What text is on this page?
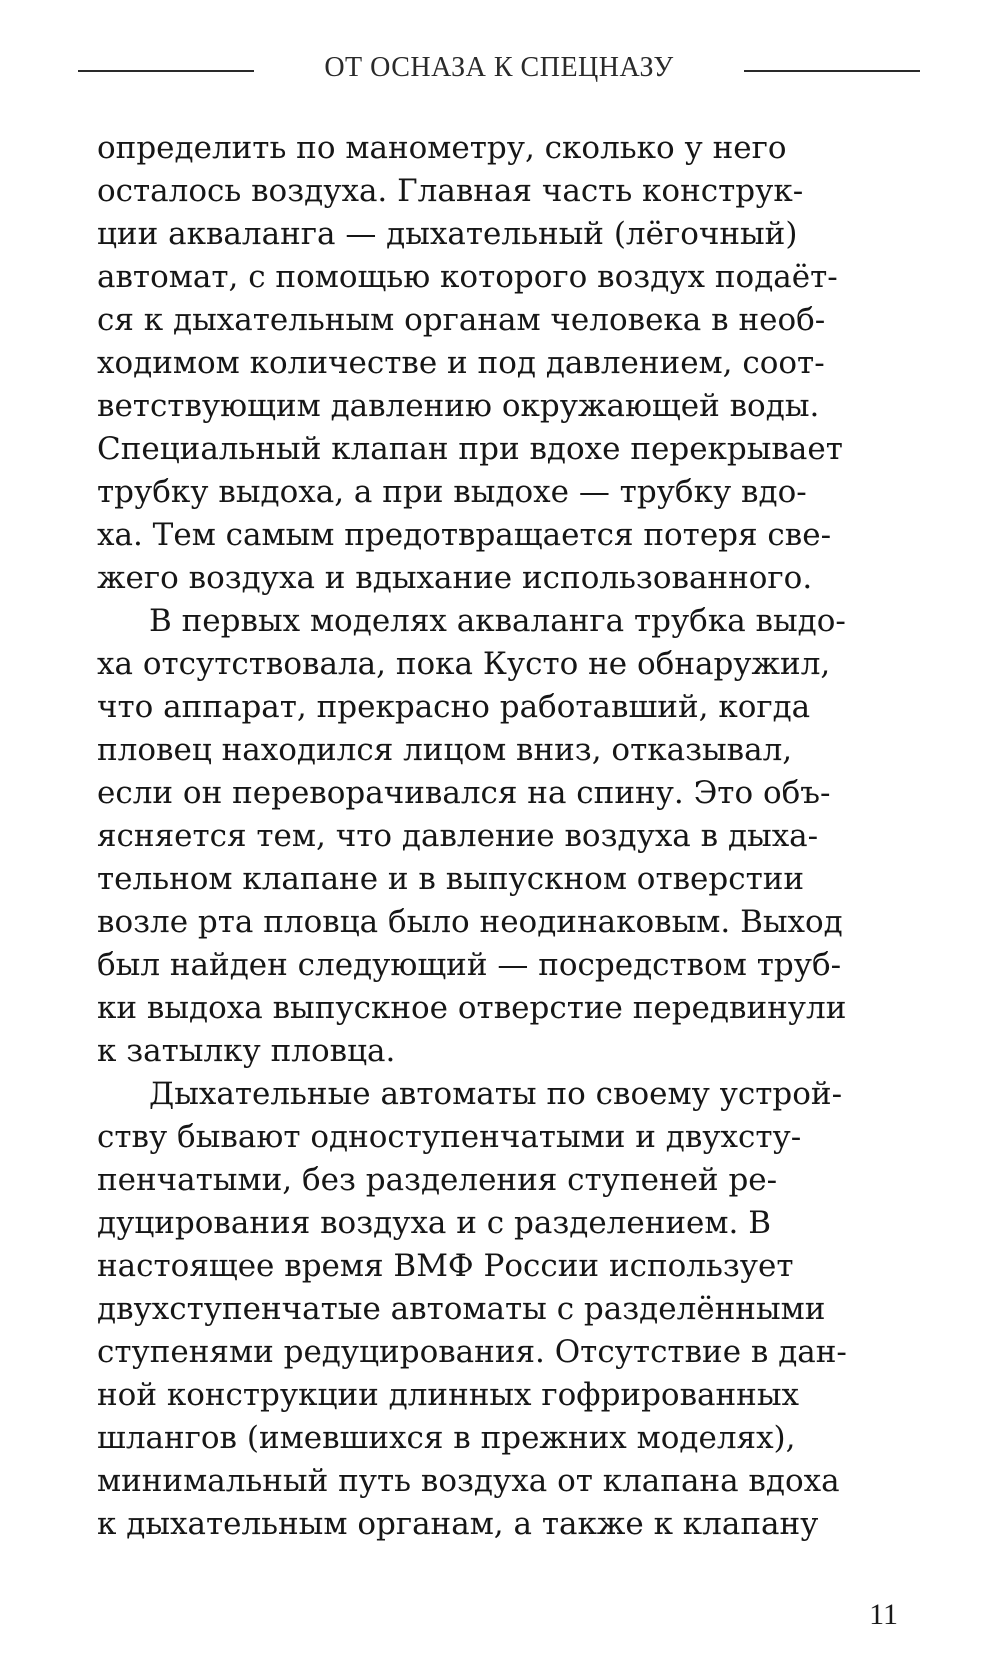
ОТ ОСНАЗА К СПЕЦНАЗУ
определить по манометру, сколько у него
осталось воздуха. Главная часть конструк-
ции акваланга — дыхательный (лёгочный)
автомат, с помощью которого воздух подаёт-
ся к дыхательным органам человека в необ-
ходимом количестве и под давлением, соот-
ветствующим давлению окружающей воды.
Специальный клапан при вдохе перекрывает
трубку выдоха, а при выдохе — трубку вдо-
ха. Тем самым предотвращается потеря све-
жего воздуха и вдыхание использованного.
В первых моделях акваланга трубка выдо-
ха отсутствовала, пока Кусто не обнаружил,
что аппарат, прекрасно работавший, когда
пловец находился лицом вниз, отказывал,
если он переворачивался на спину. Это объ-
ясняется тем, что давление воздуха в дыха-
тельном клапане и в выпускном отверстии
возле рта пловца было неодинаковым. Выход
был найден следующий — посредством труб-
ки выдоха выпускное отверстие передвинули
к затылку пловца.
Дыхательные автоматы по своему устрой-
ству бывают одноступенчатыми и двухсту-
пенчатыми, без разделения ступеней ре-
дуцирования воздуха и с разделением. В
настоящее время ВМФ России использует
двухступенчатые автоматы с разделёнными
ступенями редуцирования. Отсутствие в дан-
ной конструкции длинных гофрированных
шлангов (имевшихся в прежних моделях),
минимальный путь воздуха от клапана вдоха
к дыхательным органам, а также к клапану
11
